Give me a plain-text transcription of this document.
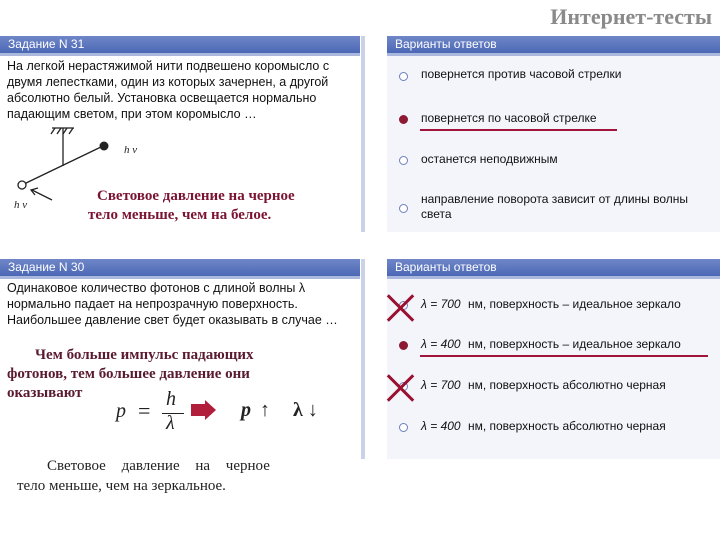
Интернет-тесты
Задание N 31
На легкой нерастяжимой нити подвешено коромысло с
двумя лепестками, один из которых зачернен, а другой
абсолютно белый. Установка освещается нормально
падающим светом, при этом коромысло …
h ν
h ν
Световое давление на черное
тело меньше, чем на белое.
Варианты ответов
повернется против часовой стрелки
повернется по часовой стрелке
останется неподвижным
направление поворота зависит от длины волны
света
Задание N 30
Одинаковое количество фотонов с длиной волны λ
нормально падает на непрозрачную поверхность.
Наибольшее давление свет будет оказывать в случае …
Чем больше импульс падающих
фотонов, тем большее давление они
оказывают
p = h
λ
p ↑ λ ↓
Световое давление на черное
тело меньше, чем на зеркальное.
Варианты ответов
λ = 700 нм, поверхность – идеальное зеркало
λ = 400 нм, поверхность – идеальное зеркало
λ = 700 нм, поверхность абсолютно черная
λ = 400 нм, поверхность абсолютно черная
